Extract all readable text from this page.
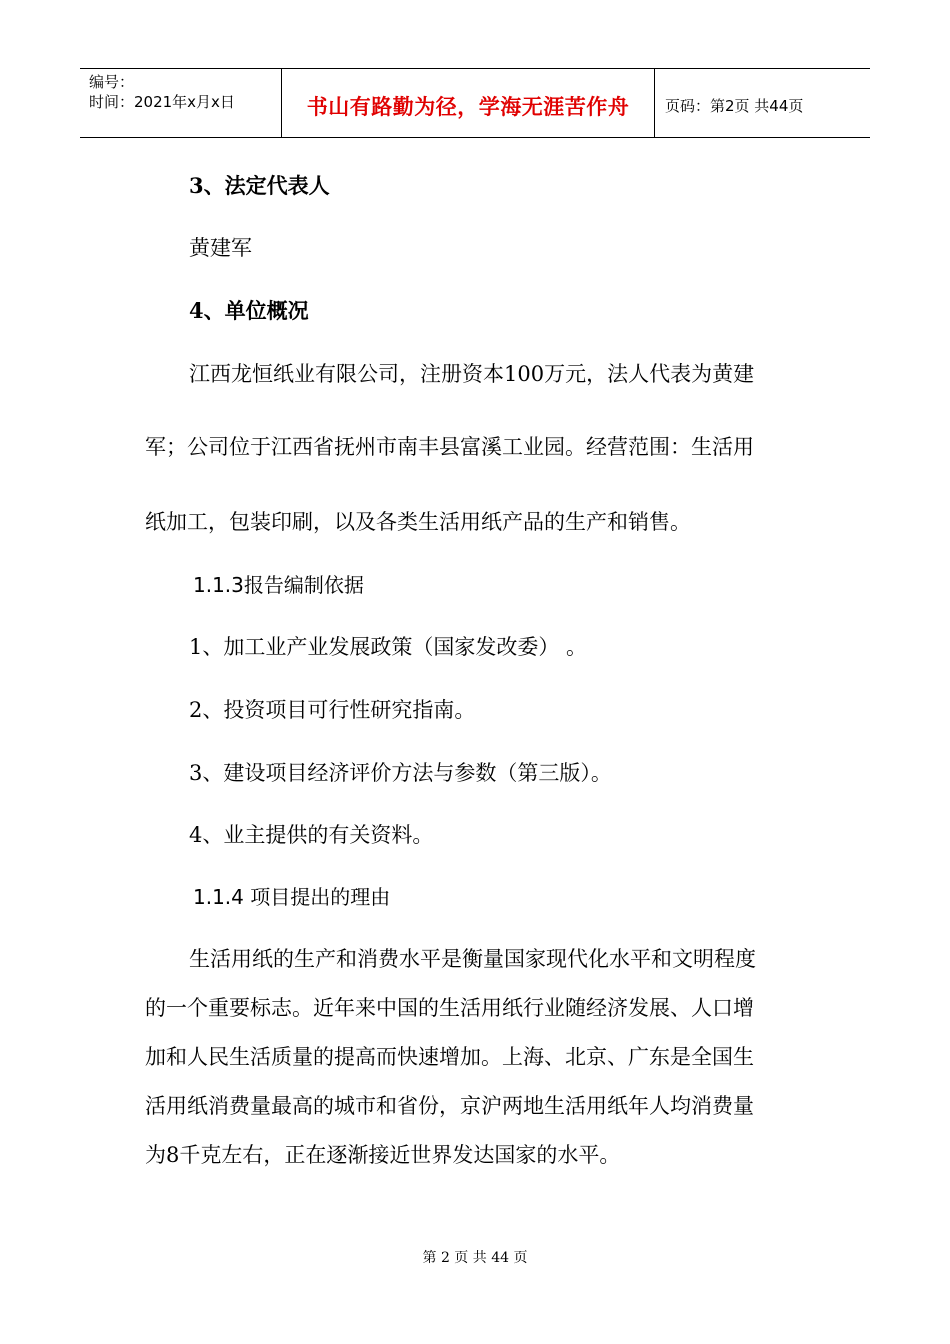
编号：
时间：2021年x月x日	书山有路勤为径，学海无涯苦作舟	页码：第2页 共44页
3、法定代表人
黄建军
4、单位概况
江西龙恒纸业有限公司，注册资本100万元，法人代表为黄建
军；公司位于江西省抚州市南丰县富溪工业园。经营范围：生活用
纸加工，包装印刷，以及各类生活用纸产品的生产和销售。
1.1.3报告编制依据
1、加工业产业发展政策（国家发改委） 。
2、投资项目可行性研究指南。
3、建设项目经济评价方法与参数（第三版）。
4、业主提供的有关资料。
1.1.4 项目提出的理由
生活用纸的生产和消费水平是衡量国家现代化水平和文明程度
的一个重要标志。近年来中国的生活用纸行业随经济发展、人口增
加和人民生活质量的提高而快速增加。上海、北京、广东是全国生
活用纸消费量最高的城市和省份，京沪两地生活用纸年人均消费量
为8千克左右，正在逐渐接近世界发达国家的水平。
第 2 页 共 44 页
